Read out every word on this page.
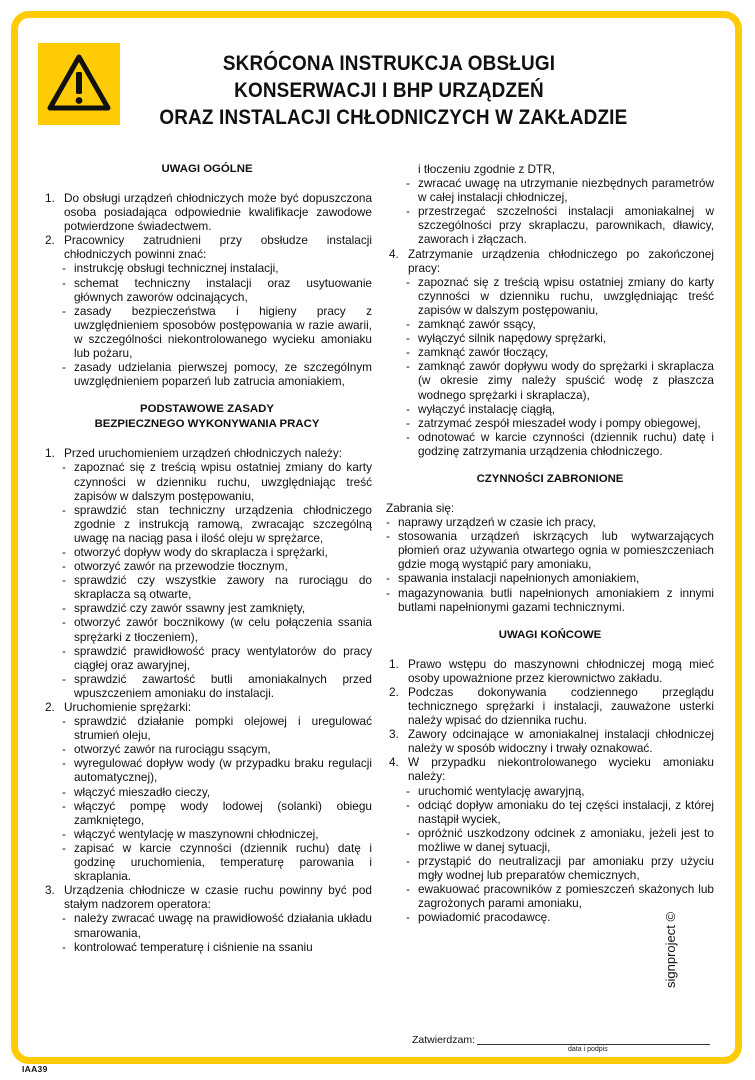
SKRÓCONA INSTRUKCJA OBSŁUGI
KONSERWACJI I BHP URZĄDZEŃ
ORAZ INSTALACJI CHŁODNICZYCH W ZAKŁADZIE
UWAGI OGÓLNE
1. Do obsługi urządzeń chłodniczych może być dopuszczona osoba posiadająca odpowiednie kwalifikacje zawodowe potwierdzone świadectwem.
2. Pracownicy zatrudnieni przy obsłudze instalacji chłodniczych powinni znać:
- instrukcję obsługi technicznej instalacji,
- schemat techniczny instalacji oraz usytuowanie głównych zaworów odcinających,
- zasady bezpieczeństwa i higieny pracy z uwzględnieniem sposobów postępowania w razie awarii, w szczególności niekontrolowanego wycieku amoniaku lub pożaru,
- zasady udzielania pierwszej pomocy, ze szczególnym uwzględnieniem poparzeń lub zatrucia amoniakiem,
PODSTAWOWE ZASADY
BEZPIECZNEGO WYKONYWANIA PRACY
1. Przed uruchomieniem urządzeń chłodniczych należy:
- zapoznać się z treścią wpisu ostatniej zmiany do karty czynności w dzienniku ruchu, uwzględniając treść zapisów w dalszym postępowaniu,
- sprawdzić stan techniczny urządzenia chłodniczego zgodnie z instrukcją ramową, zwracając szczególną uwagę na naciąg pasa i ilość oleju w sprężarce,
- otworzyć dopływ wody do skraplacza i sprężarki,
- otworzyć zawór na przewodzie tłocznym,
- sprawdzić czy wszystkie zawory na rurociągu do skraplacza są otwarte,
- sprawdzić czy zawór ssawny jest zamknięty,
- otworzyć zawór bocznikowy (w celu połączenia ssania sprężarki z tłoczeniem),
- sprawdzić prawidłowość pracy wentylatorów do pracy ciągłej oraz awaryjnej,
- sprawdzić zawartość butli amoniakalnych przed wpuszczeniem amoniaku do instalacji.
2. Uruchomienie sprężarki:
- sprawdzić działanie pompki olejowej i uregulować strumień oleju,
- otworzyć zawór na rurociągu ssącym,
- wyregulować dopływ wody (w przypadku braku regulacji automatycznej),
- włączyć mieszadło cieczy,
- włączyć pompę wody lodowej (solanki) obiegu zamkniętego,
- włączyć wentylację w maszynowni chłodniczej,
- zapisać w karcie czynności (dziennik ruchu) datę i godzinę uruchomienia, temperaturę parowania i skraplania.
3. Urządzenia chłodnicze w czasie ruchu powinny być pod stałym nadzorem operatora:
- należy zwracać uwagę na prawidłowość działania układu smarowania,
- kontrolować temperaturę i ciśnienie na ssaniu
i tłoczeniu zgodnie z DTR,
- zwracać uwagę na utrzymanie niezbędnych parametrów w całej instalacji chłodniczej,
- przestrzegać szczelności instalacji amoniakalnej w szczególności przy skraplaczu, parownikach, dławicy, zaworach i złączach.
4. Zatrzymanie urządzenia chłodniczego po zakończonej pracy:
- zapoznać się z treścią wpisu ostatniej zmiany do karty czynności w dzienniku ruchu, uwzględniając treść zapisów w dalszym postępowaniu,
- zamknąć zawór ssący,
- wyłączyć silnik napędowy sprężarki,
- zamknąć zawór tłoczący,
- zamknąć zawór dopływu wody do sprężarki i skraplacza (w okresie zimy należy spuścić wodę z płaszcza wodnego sprężarki i skraplacza),
- wyłączyć instalację ciągłą,
- zatrzymać zespół mieszadeł wody i pompy obiegowej,
- odnotować w karcie czynności (dziennik ruchu) datę i godzinę zatrzymania urządzenia chłodniczego.
CZYNNOŚCI ZABRONIONE
Zabrania się:
- naprawy urządzeń w czasie ich pracy,
- stosowania urządzeń iskrzących lub wytwarzających płomień oraz używania otwartego ognia w pomieszczeniach gdzie mogą wystąpić pary amoniaku,
- spawania instalacji napełnionych amoniakiem,
- magazynowania butli napełnionych amoniakiem z innymi butlami napełnionymi gazami technicznymi.
UWAGI KOŃCOWE
1. Prawo wstępu do maszynowni chłodniczej mogą mieć osoby upoważnione przez kierownictwo zakładu.
2. Podczas dokonywania codziennego przeglądu technicznego sprężarki i instalacji, zauważone usterki należy wpisać do dziennika ruchu.
3. Zawory odcinające w amoniakalnej instalacji chłodniczej należy w sposób widoczny i trwały oznakować.
4. W przypadku niekontrolowanego wycieku amoniaku należy:
- uruchomić wentylację awaryjną,
- odciąć dopływ amoniaku do tej części instalacji, z której nastąpił wyciek,
- opróżnić uszkodzony odcinek z amoniaku, jeżeli jest to możliwe w danej sytuacji,
- przystąpić do neutralizacji par amoniaku przy użyciu mgły wodnej lub preparatów chemicznych,
- ewakuować pracowników z pomieszczeń skażonych lub zagrożonych parami amoniaku,
- powiadomić pracodawcę.
Zatwierdzam:
data i podpis
IAA39
signproject ©
